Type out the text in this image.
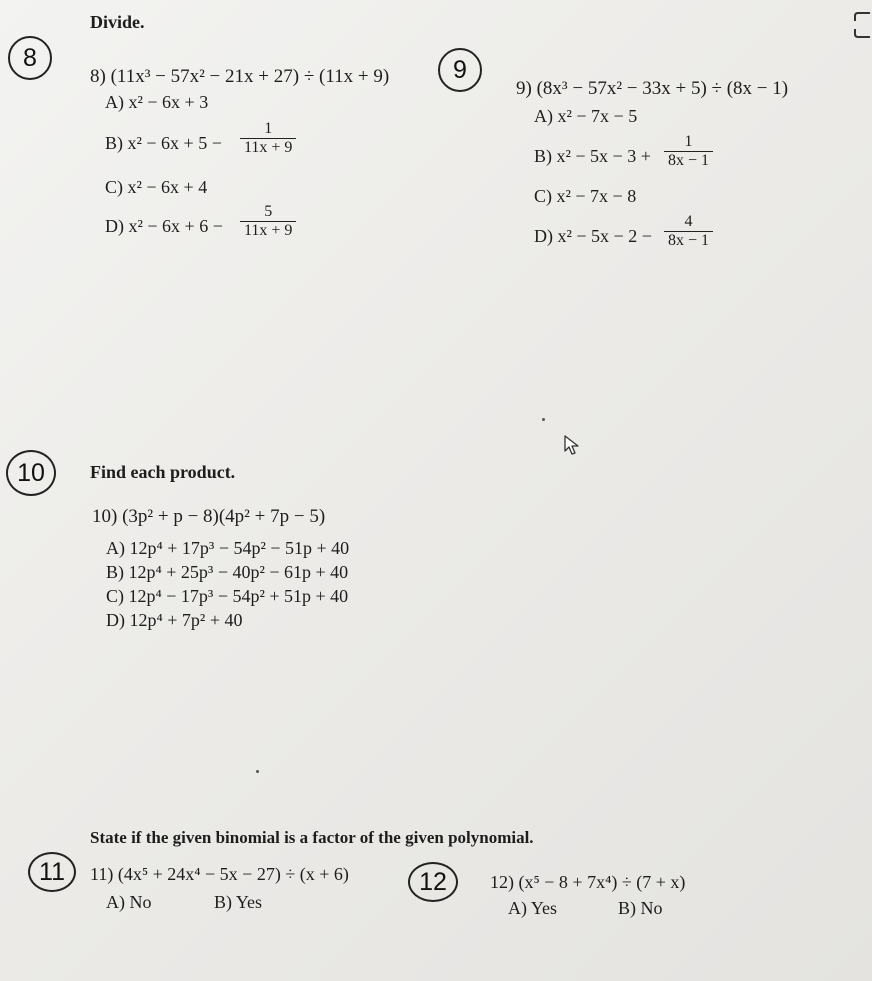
8
Divide.
8) (11x³ − 57x² − 21x + 27) ÷ (11x + 9)
A) x² − 6x + 3
B) $x^2 - 6x + 5 - \frac{1}{11x + 9}$
C) x² − 6x + 4
D) $x^2 - 6x + 6 - \frac{5}{11x + 9}$
9
9) (8x³ − 57x² − 33x + 5) ÷ (8x − 1)
A) x² − 7x − 5
B) $x^2 - 5x - 3 + \frac{1}{8x - 1}$
C) x² − 7x − 8
D) $x^2 - 5x - 2 - \frac{4}{8x - 1}$
10	Find each product.
10) (3p² + p − 8)(4p² + 7p − 5)
A) 12p⁴ + 17p³ − 54p² − 51p + 40
B) 12p⁴ + 25p³ − 40p² − 61p + 40
C) 12p⁴ − 17p³ − 54p² + 51p + 40
D) 12p⁴ + 7p² + 40
State if the given binomial is a factor of the given polynomial.
11 11) (4x⁵ + 24x⁴ − 5x − 27) ÷ (x + 6)
A) No	B) Yes
12 12) (x⁵ − 8 + 7x⁴) ÷ (7 + x)
A) Yes	B) No
